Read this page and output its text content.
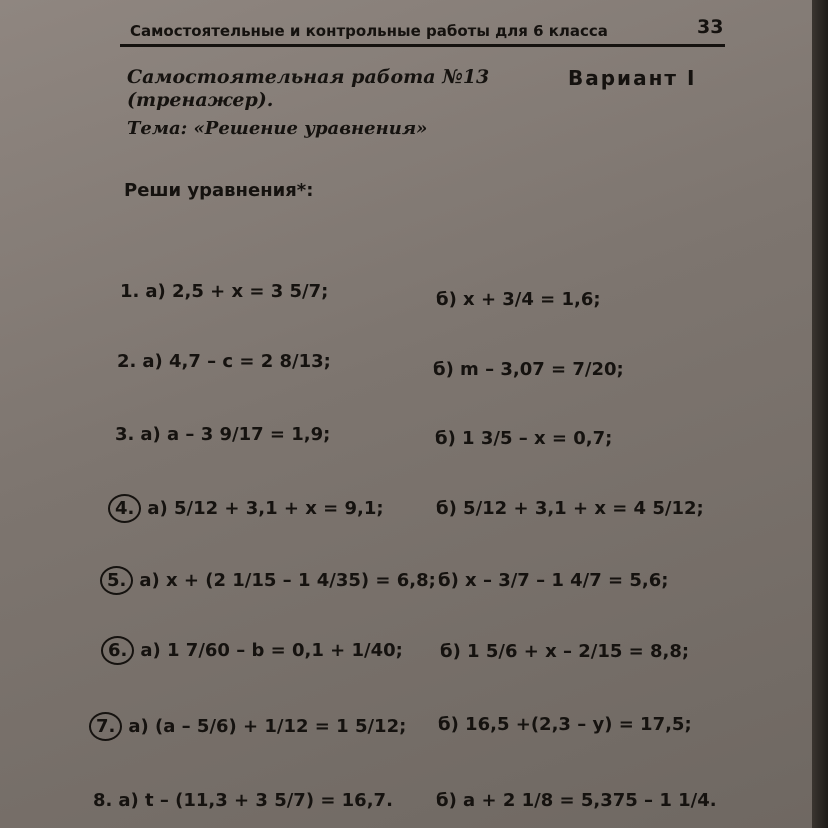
Самостоятельные и контрольные работы для 6 класса	33
Самостоятельная работа №13
(тренажер).
Вариант I
Тема: «Решение уравнения»
Реши уравнения*:
1. а) 2,5 + x = 3 5/7;	б) x + 3/4 = 1,6;
2. а) 4,7 – c = 2 8/13;	б) m – 3,07 = 7/20;
3. а) a – 3 9/17 = 1,9;	б) 1 3/5 – x = 0,7;
4. а) 5/12 + 3,1 + x = 9,1;	б) 5/12 + 3,1 + x = 4 5/12;
5. а) x + (2 1/15 – 1 4/35) = 6,8; б) x – 3/7 – 1 4/7 = 5,6;
6. а) 1 7/60 – b = 0,1 + 1/40; б) 1 5/6 + x – 2/15 = 8,8;
7. а) (a – 5/6) + 1/12 = 1 5/12; б) 16,5 +(2,3 – y) = 17,5;
8. а) t – (11,3 + 3 5/7) = 16,7. б) a + 2 1/8 = 5,375 – 1 1/4.
